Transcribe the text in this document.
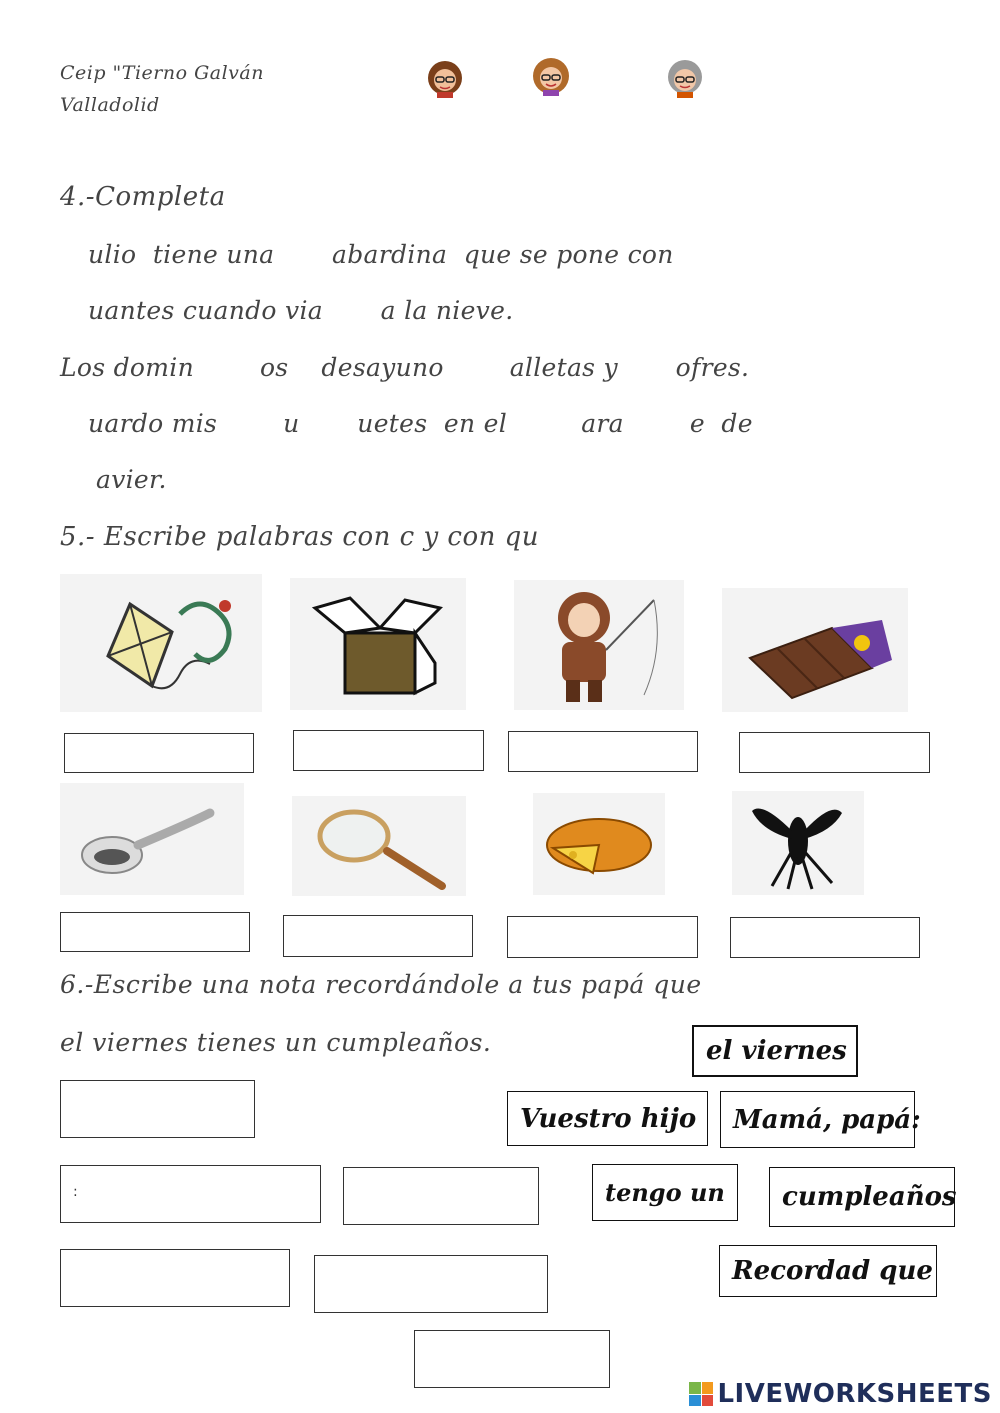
Ceip "Tierno Galván
Valladolid
4.-Completa
ulio  tiene una       abardina  que se pone con
uantes cuando via       a la nieve.
Los domin        os    desayuno        alletas y       ofres.
uardo mis        u       uetes  en el         ara        e  de
avier.
5.- Escribe palabras con c y con qu
6.-Escribe una nota recordándole a tus papá que
el viernes tienes un cumpleaños.	el viernes
Vuestro hijo	Mamá, papá:
tengo un	cumpleaños
Recordad que
:
LIVEWORKSHEETS
